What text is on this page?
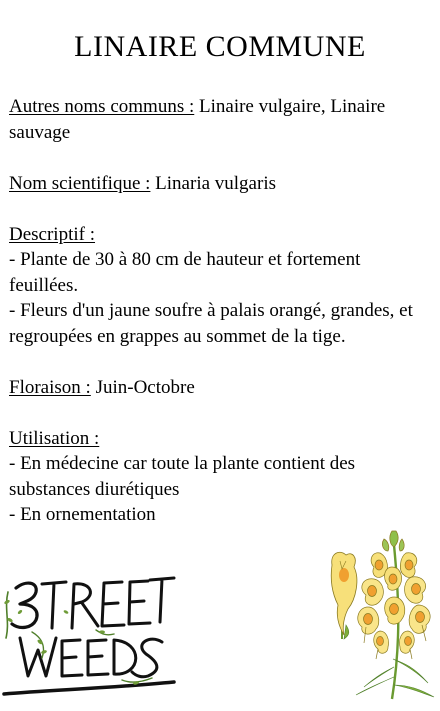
LINAIRE COMMUNE
Autres noms communs : Linaire vulgaire, Linaire sauvage
Nom scientifique : Linaria vulgaris
Descriptif :
- Plante de 30 à 80 cm de hauteur et fortement feuillées.
- Fleurs d'un jaune soufre à palais orangé, grandes, et regroupées en grappes au sommet de la tige.
Floraison : Juin-Octobre
Utilisation :
- En médecine car toute la plante contient des substances diurétiques
- En ornementation
